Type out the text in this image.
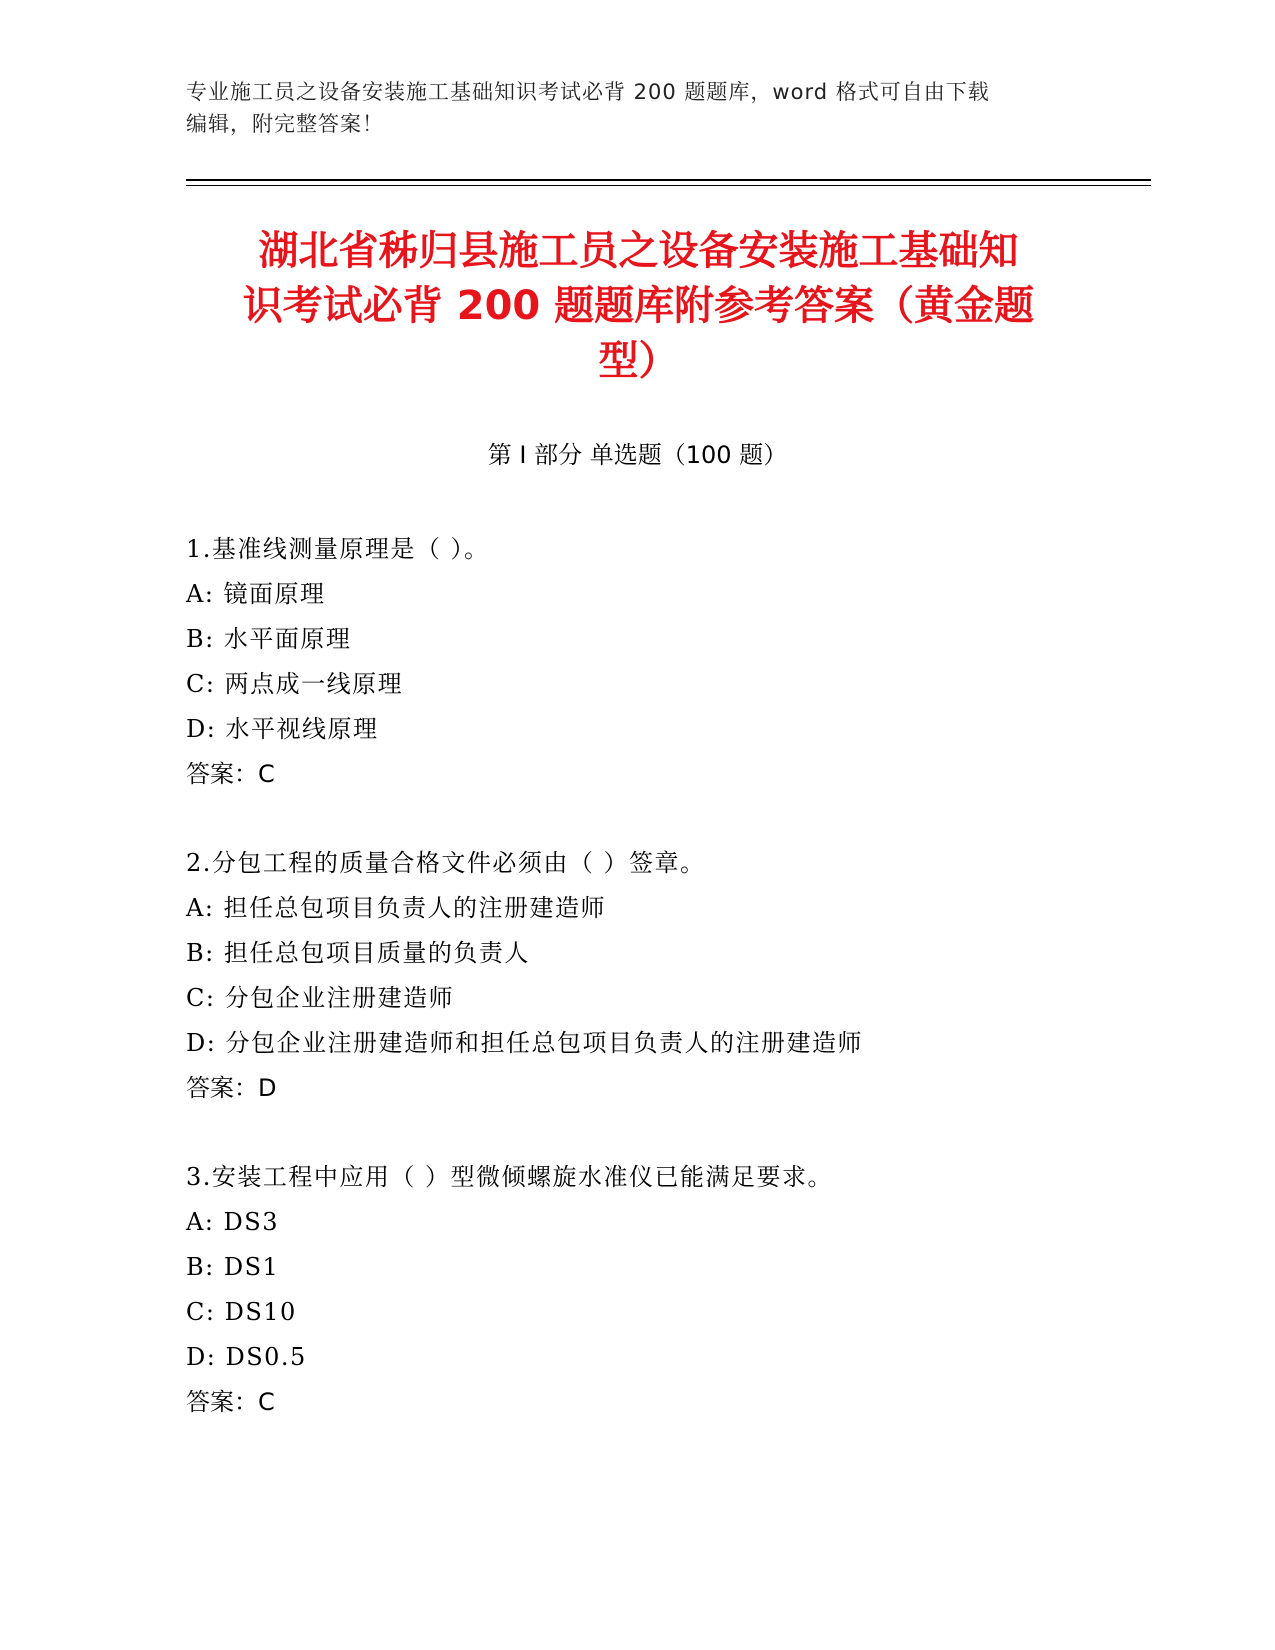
专业施工员之设备安装施工基础知识考试必背 200 题题库，word 格式可自由下载
编辑，附完整答案！
湖北省秭归县施工员之设备安装施工基础知
识考试必背 200 题题库附参考答案（黄金题
型）
第 I 部分 单选题（100 题）
1.基准线测量原理是（ ）。
A: 镜面原理
B: 水平面原理
C: 两点成一线原理
D: 水平视线原理
答案：C
2.分包工程的质量合格文件必须由（ ）签章。
A: 担任总包项目负责人的注册建造师
B: 担任总包项目质量的负责人
C: 分包企业注册建造师
D: 分包企业注册建造师和担任总包项目负责人的注册建造师
答案：D
3.安装工程中应用（ ）型微倾螺旋水准仪已能满足要求。
A: DS3
B: DS1
C: DS10
D: DS0.5
答案：C
